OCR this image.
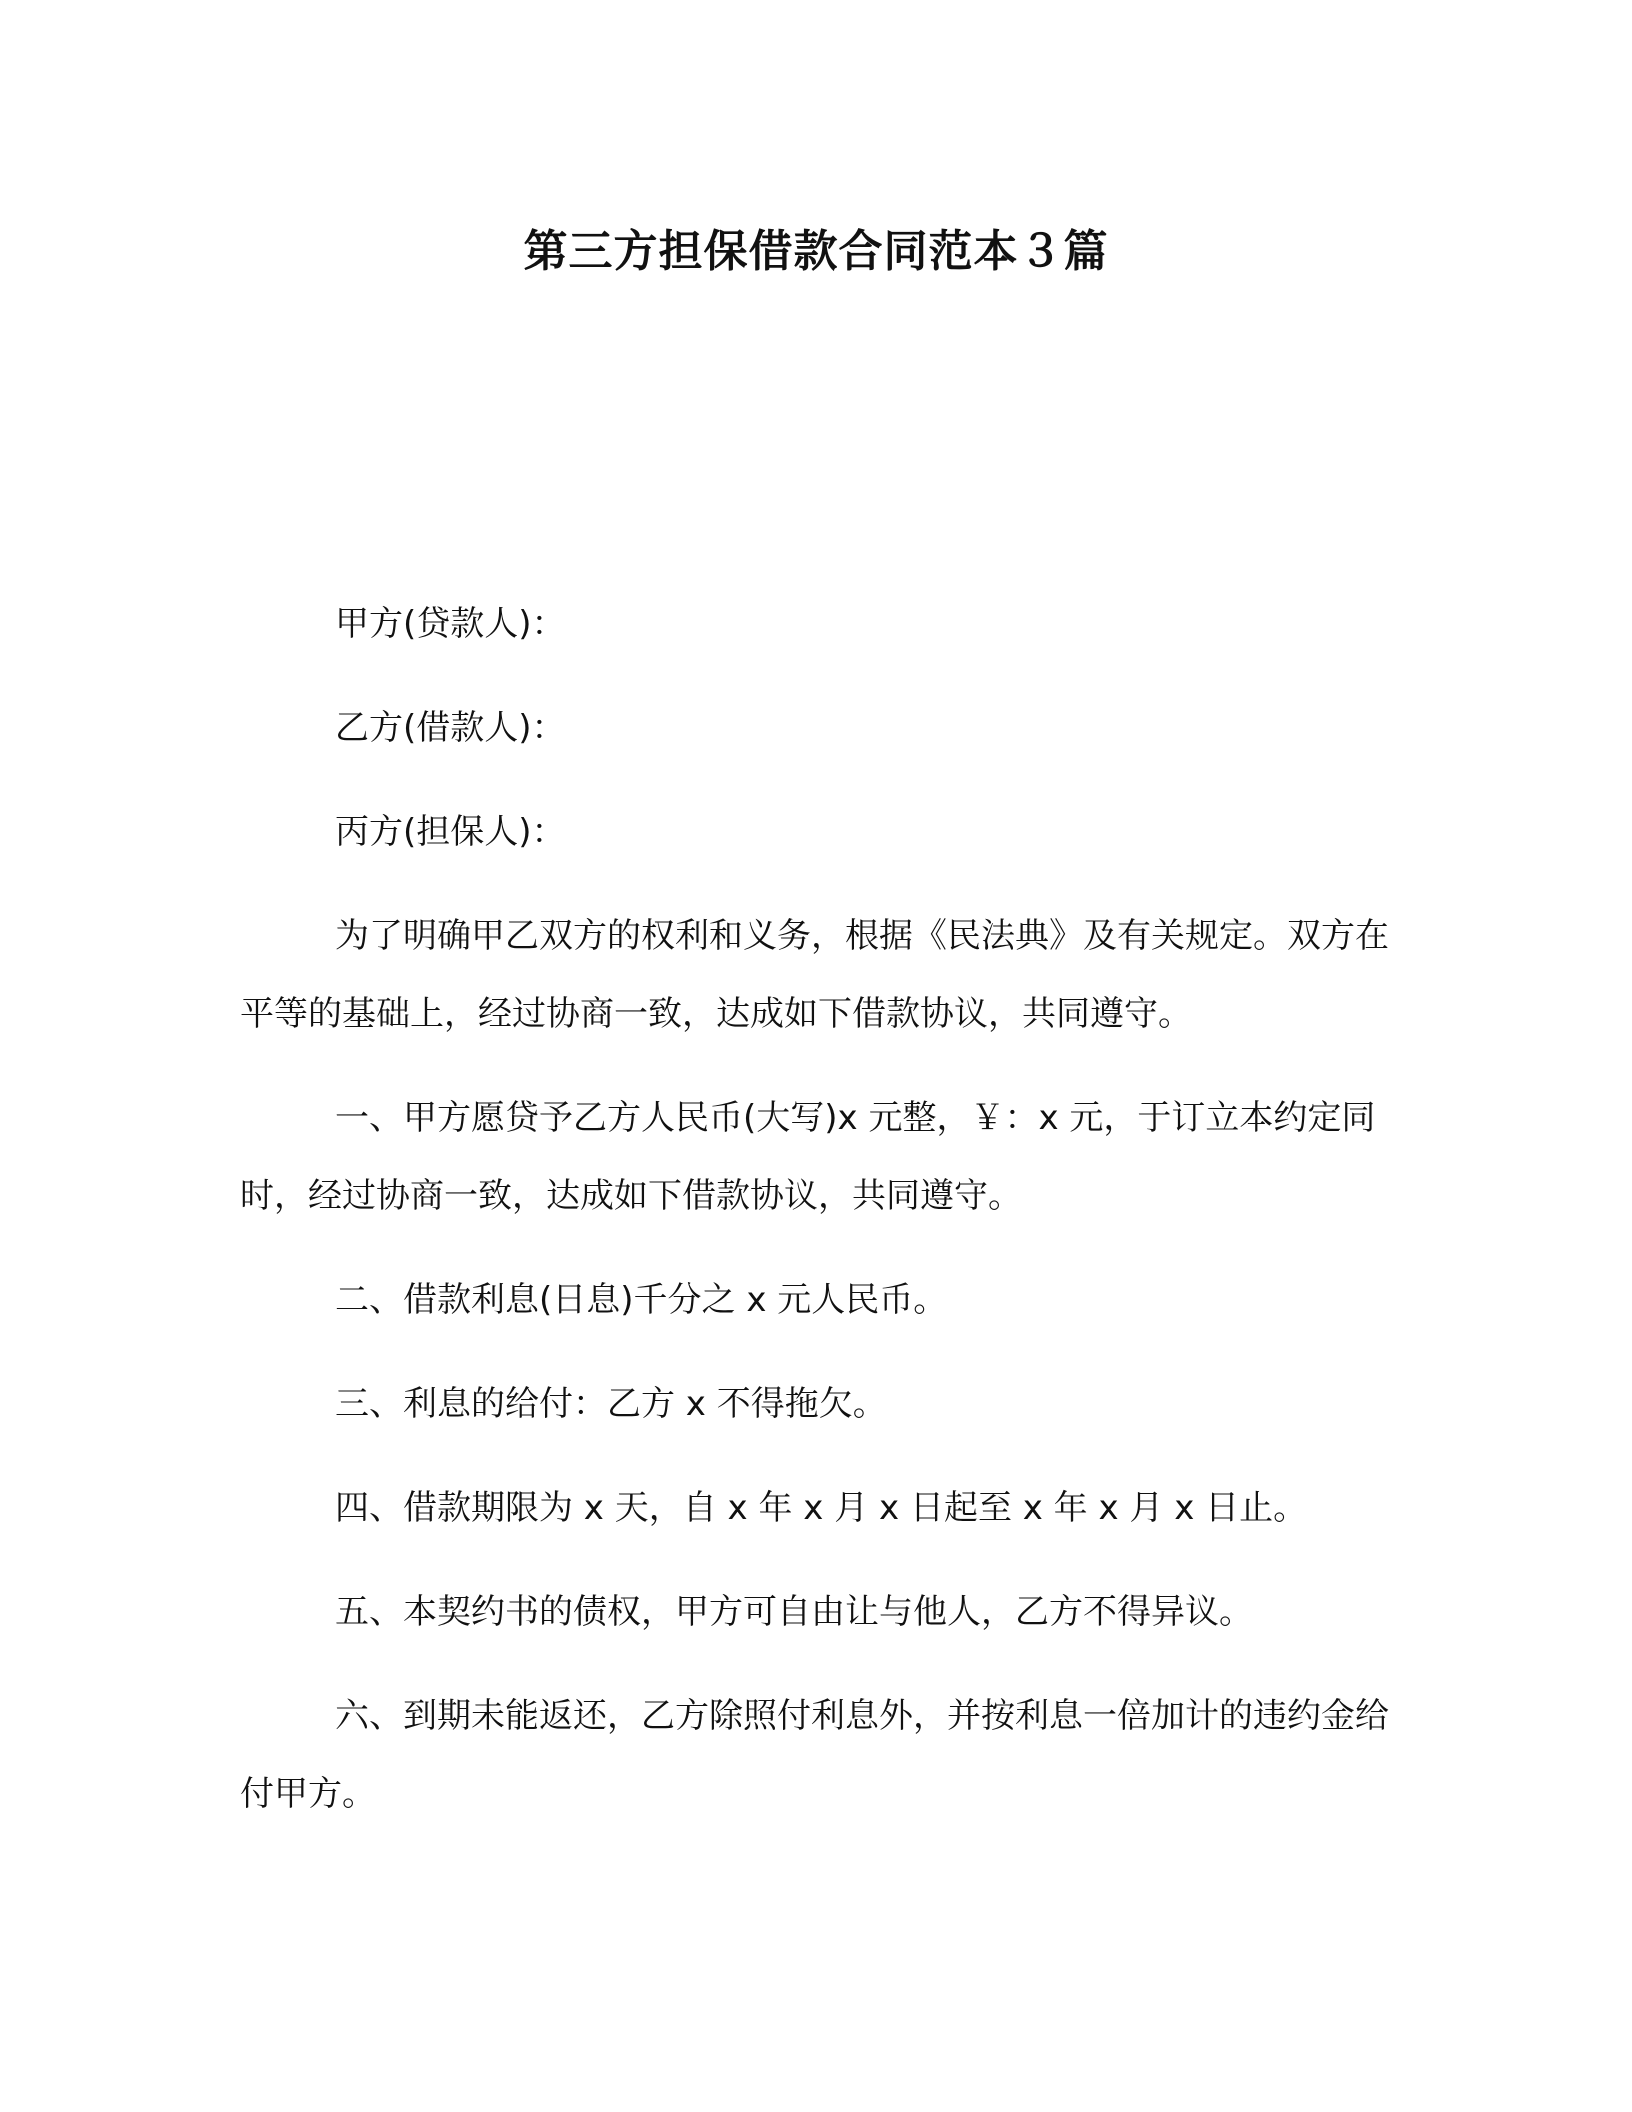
第三方担保借款合同范本３篇

甲方(贷款人)：

乙方(借款人)：

丙方(担保人)：

为了明确甲乙双方的权利和义务，根据《民法典》及有关规定。双方在平等的基础上，经过协商一致，达成如下借款协议，共同遵守。

一、甲方愿贷予乙方人民币(大写)x 元整，￥：x 元，于订立本约定同时，经过协商一致，达成如下借款协议，共同遵守。

二、借款利息(日息)千分之 x 元人民币。

三、利息的给付：乙方 x 不得拖欠。

四、借款期限为 x 天，自 x 年 x 月 x 日起至 x 年 x 月 x 日止。

五、本契约书的债权，甲方可自由让与他人，乙方不得异议。

六、到期未能返还，乙方除照付利息外，并按利息一倍加计的违约金给付甲方。
